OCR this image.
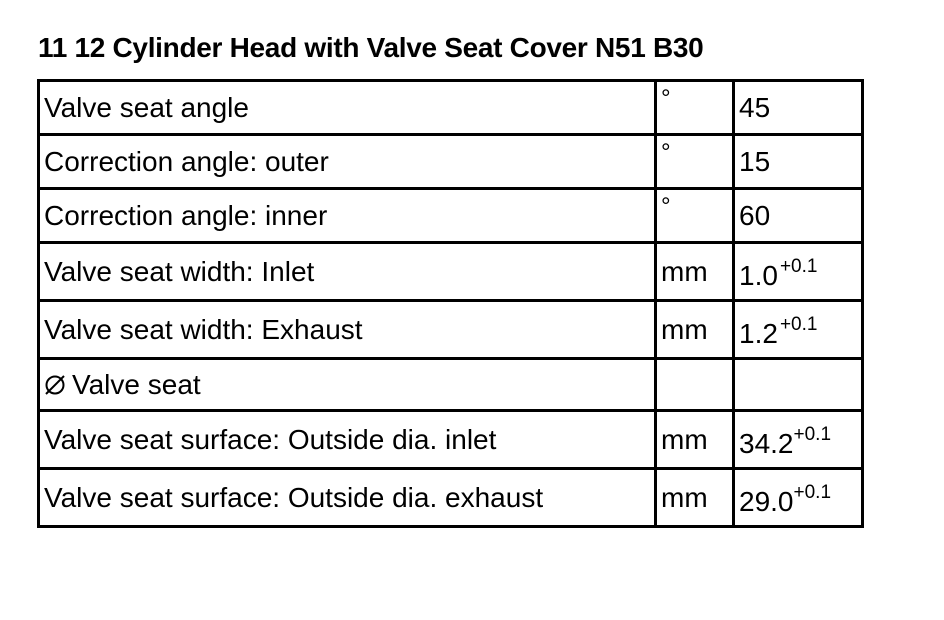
11 12 Cylinder Head with Valve Seat Cover N51 B30
Valve seat angle	°	45
Correction angle: outer	°	15
Correction angle: inner	°	60
Valve seat width: Inlet	mm	1.0 $^{+0.1}$
Valve seat width: Exhaust	mm	1.2 $^{+0.1}$
Valve seat		
Valve seat surface: Outside dia. inlet	mm	$34.2^{+0.1}$
Valve seat surface: Outside dia. exhaust	mm	$29.0^{+0.1}$
